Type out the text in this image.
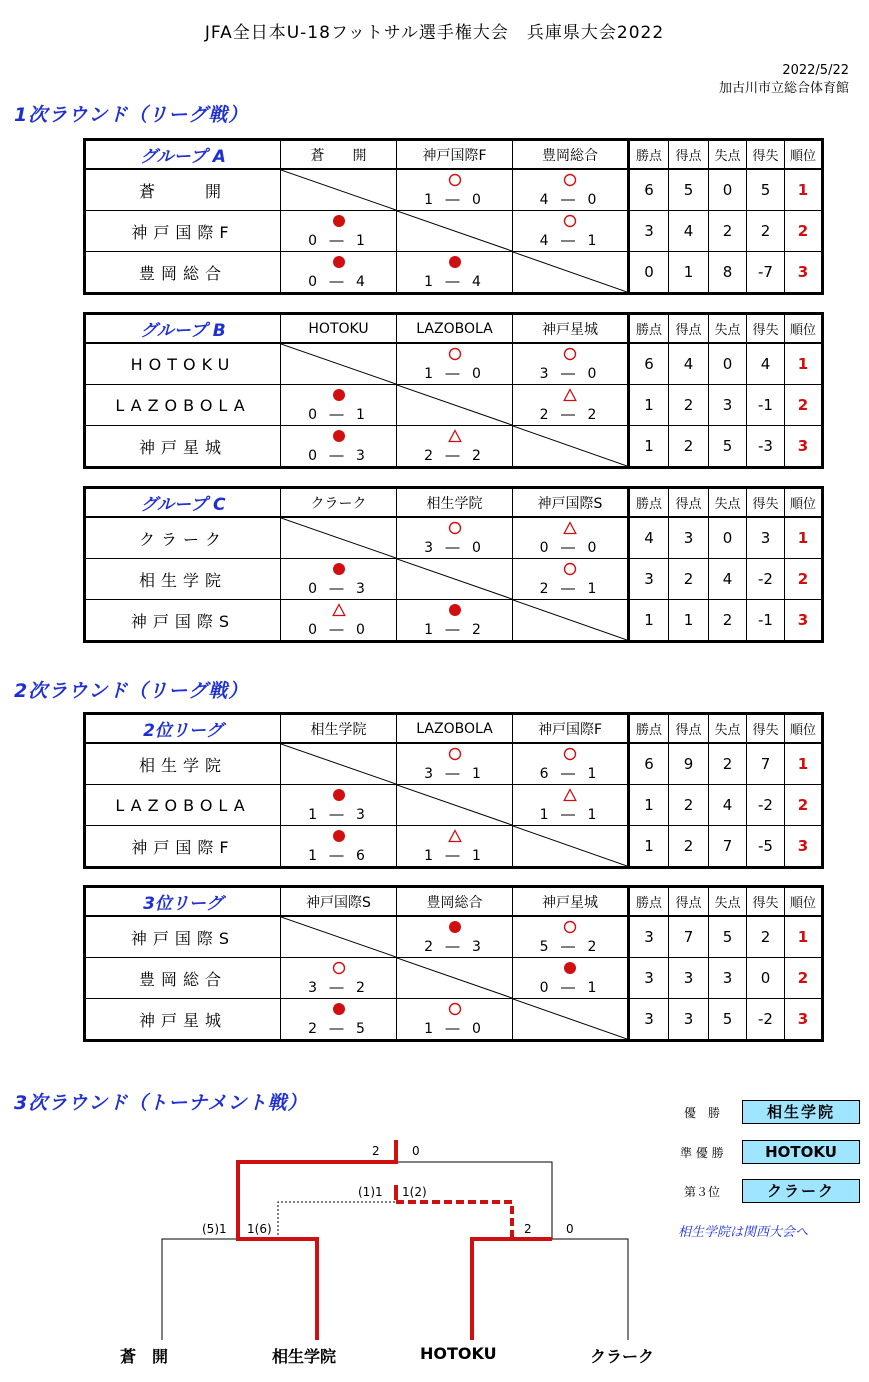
JFA全日本U-18フットサル選手権大会　兵庫県大会2022
2022/5/22
加古川市立総合体育館
1次ラウンド（リーグ戦）
2次ラウンド（リーグ戦）
3次ラウンド（トーナメント戦）
グループ A	蒼　　開	神戸国際F	豊岡総合	勝点	得点	失点	得失	順位
蒼　　開		1 ― 0	4 ― 0	6	5	0	5	1
神戸国際F	0 ― 1		4 ― 1	3	4	2	2	2
豊岡総合	0 ― 4	1 ― 4		0	1	8	-7	3
グループ B	HOTOKU	LAZOBOLA	神戸星城	勝点	得点	失点	得失	順位
HOTOKU		1 ― 0	3 ― 0	6	4	0	4	1
LAZOBOLA	0 ― 1		2 ― 2	1	2	3	-1	2
神戸星城	0 ― 3	2 ― 2		1	2	5	-3	3
グループ C	クラーク	相生学院	神戸国際S	勝点	得点	失点	得失	順位
クラーク		3 ― 0	0 ― 0	4	3	0	3	1
相生学院	0 ― 3		2 ― 1	3	2	4	-2	2
神戸国際S	0 ― 0	1 ― 2		1	1	2	-1	3
2位リーグ	相生学院	LAZOBOLA	神戸国際F	勝点	得点	失点	得失	順位
相生学院		3 ― 1	6 ― 1	6	9	2	7	1
LAZOBOLA	1 ― 3		1 ― 1	1	2	4	-2	2
神戸国際F	1 ― 6	1 ― 1		1	2	7	-5	3
3位リーグ	神戸国際S	豊岡総合	神戸星城	勝点	得点	失点	得失	順位
神戸国際S		2 ― 3	5 ― 2	3	7	5	2	1
豊岡総合	3 ― 2		0 ― 1	3	3	3	0	2
神戸星城	2 ― 5	1 ― 0		3	3	5	-2	3
(5)1 1(6)	2	0
2	0
(1)1 1(2)
蒼　開	相生学院	HOTOKU	クラーク
優　勝	相生学院
準 優 勝	HOTOKU
第３位	クラーク
相生学院は関西大会へ
